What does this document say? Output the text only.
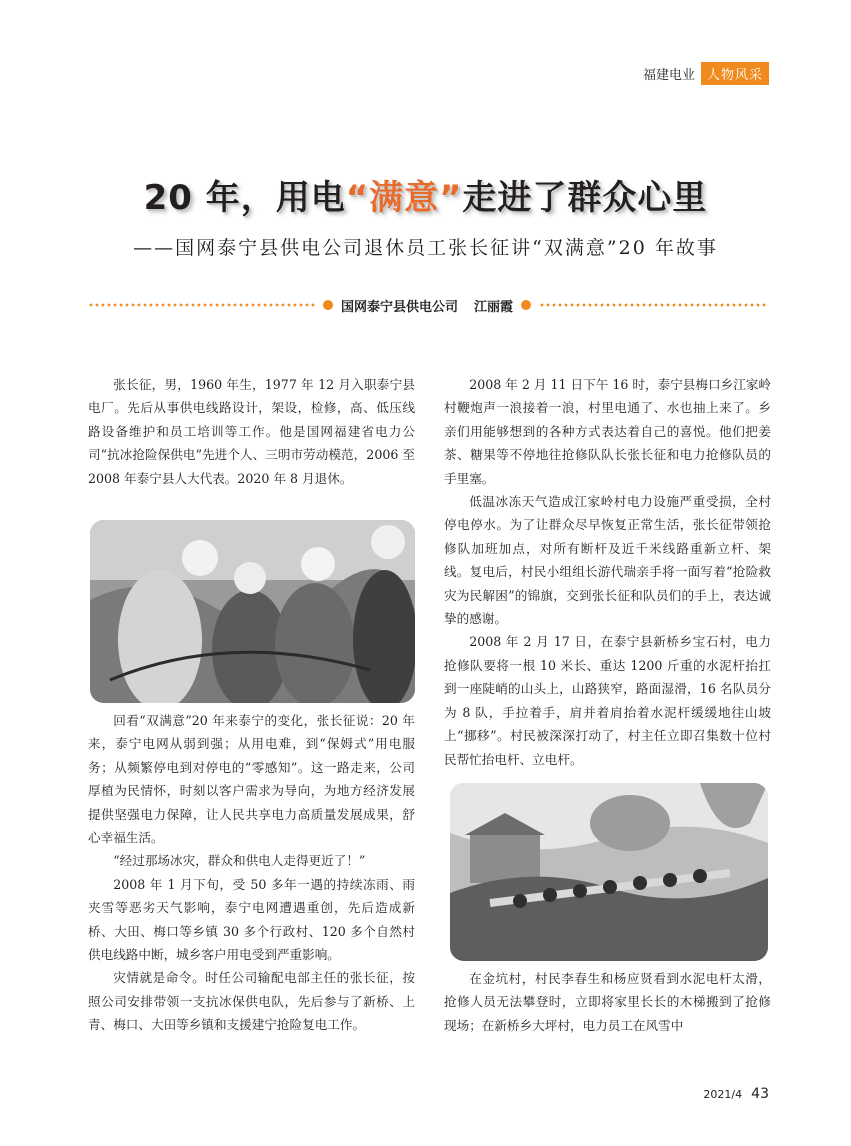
福建电业 人物风采
20 年，用电“满意”走进了群众心里
——国网泰宁县供电公司退休员工张长征讲“双满意”20 年故事
国网泰宁县供电公司 江丽霞

张长征，男，1960 年生，1977 年 12 月入职泰宁县电厂。先后从事供电线路设计，架设，检修，高、低压线路设备维护和员工培训等工作。他是国网福建省电力公司“抗冰抢险保供电”先进个人、三明市劳动模范，2006 至 2008 年泰宁县人大代表。2020 年 8 月退休。

回看“双满意”20 年来泰宁的变化，张长征说：20 年来，泰宁电网从弱到强；从用电难，到“保姆式”用电服务；从频繁停电到对停电的“零感知”。这一路走来，公司厚植为民情怀，时刻以客户需求为导向，为地方经济发展提供坚强电力保障，让人民共享电力高质量发展成果，舒心幸福生活。

“经过那场冰灾，群众和供电人走得更近了！”

2008 年 1 月下旬，受 50 多年一遇的持续冻雨、雨夹雪等恶劣天气影响，泰宁电网遭遇重创，先后造成新桥、大田、梅口等乡镇 30 多个行政村、120 多个自然村供电线路中断，城乡客户用电受到严重影响。

灾情就是命令。时任公司输配电部主任的张长征，按照公司安排带领一支抗冰保供电队，先后参与了新桥、上青、梅口、大田等乡镇和支援建宁抢险复电工作。

2008 年 2 月 11 日下午 16 时，泰宁县梅口乡江家岭村鞭炮声一浪接着一浪，村里电通了、水也抽上来了。乡亲们用能够想到的各种方式表达着自己的喜悦。他们把姜茶、糖果等不停地往抢修队队长张长征和电力抢修队员的手里塞。

低温冰冻天气造成江家岭村电力设施严重受损，全村停电停水。为了让群众尽早恢复正常生活，张长征带领抢修队加班加点，对所有断杆及近千米线路重新立杆、架线。复电后，村民小组组长游代瑞亲手将一面写着“抢险救灾为民解困”的锦旗，交到张长征和队员们的手上，表达诚挚的感谢。

2008 年 2 月 17 日，在泰宁县新桥乡宝石村，电力抢修队要将一根 10 米长、重达 1200 斤重的水泥杆抬扛到一座陡峭的山头上，山路狭窄，路面湿滑，16 名队员分为 8 队，手拉着手，肩并着肩抬着水泥杆缓缓地往山坡上“挪移”。村民被深深打动了，村主任立即召集数十位村民帮忙抬电杆、立电杆。

在金坑村，村民李春生和杨应贤看到水泥电杆太滑，抢修人员无法攀登时，立即将家里长长的木梯搬到了抢修现场；在新桥乡大坪村，电力员工在风雪中

2021/4 43
